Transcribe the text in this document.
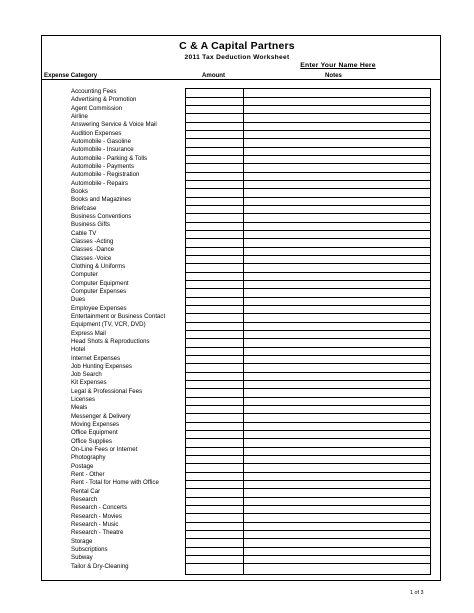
C & A Capital Partners
2011 Tax Deduction Worksheet
Enter Your Name Here
Expense Category	Amount	Notes
Accounting Fees
Advertising & Promotion
Agent Commission
Airline
Answering Service & Voice Mail
Audition Expenses
Automobile - Gasoline
Automobile - Insurance
Automobile - Parking & Tolls
Automobile - Payments
Automobile - Registration
Automobile - Repairs
Books
Books and Magazines
Briefcase
Business Conventions
Business Gifts
Cable TV
Classes -Acting
Classes -Dance
Classes -Voice
Clothing & Uniforms
Computer
Computer Equipment
Computer Expenses
Dues
Employee Expenses
Entertainment or Business Contact
Equipment (TV, VCR, DVD)
Express Mail
Head Shots & Reproductions
Hotel
Internet Expenses
Job Hunting Expenses
Job Search
Kit Expenses
Legal & Professional Fees
Licenses
Meals
Messenger & Delivery
Moving Expenses
Office Equipment
Office Supplies
On-Line Fees or Internet
Photography
Postage
Rent - Other
Rent - Total for Home with Office
Rental Car
Research
Research - Concerts
Research - Movies
Research - Music
Research - Theatre
Storage
Subscriptions
Subway
Tailor & Dry-Cleaning
1 of 3
